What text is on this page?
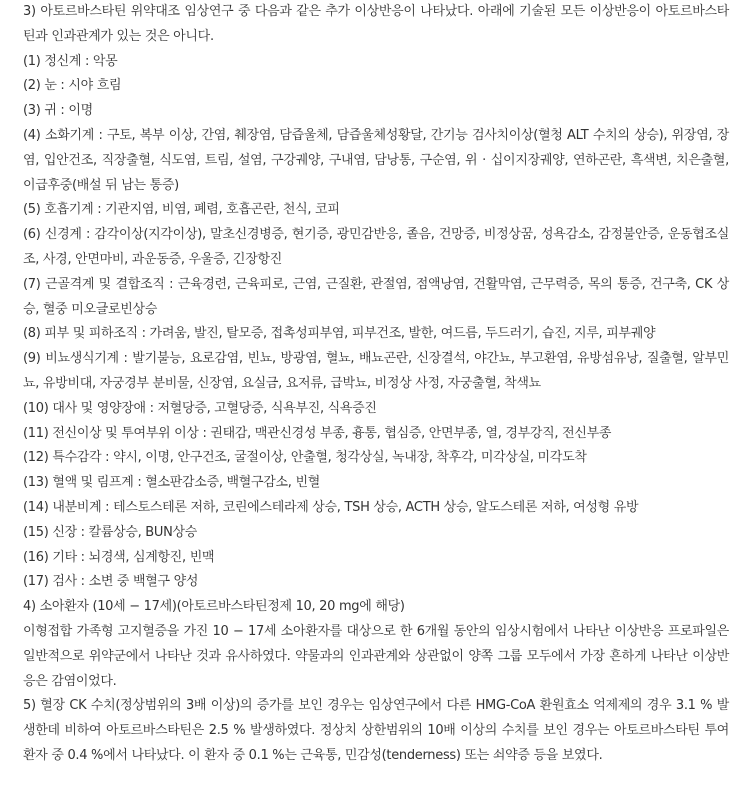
3) 아토르바스타틴 위약대조 임상연구 중 다음과 같은 추가 이상반응이 나타났다. 아래에 기술된 모든 이상반응이 아토르바스타틴과 인과관계가 있는 것은 아니다.

(1) 정신계 : 악몽

(2) 눈 : 시야 흐림

(3) 귀 : 이명

(4) 소화기계 : 구토, 복부 이상, 간염, 췌장염, 담즙울체, 담즙울체성황달, 간기능 검사치이상(혈청 ALT 수치의 상승), 위장염, 장염, 입안건조, 직장출혈, 식도염, 트림, 설염, 구강궤양, 구내염, 담낭통, 구순염, 위 · 십이지장궤양, 연하곤란, 흑색변, 치은출혈, 이급후중(배설 뒤 남는 통증)

(5) 호흡기계 : 기관지염, 비염, 폐렴, 호흡곤란, 천식, 코피

(6) 신경계 : 감각이상(지각이상), 말초신경병증, 현기증, 광민감반응, 졸음, 건망증, 비정상꿈, 성욕감소, 감정불안증, 운동협조실조, 사경, 안면마비, 과운동증, 우울증, 긴장항진

(7) 근골격계 및 결합조직 : 근육경련, 근육피로, 근염, 근질환, 관절염, 점액낭염, 건활막염, 근무력증, 목의 통증, 건구축, CK 상승, 혈중 미오글로빈상승

(8) 피부 및 피하조직 : 가려움, 발진, 탈모증, 접촉성피부염, 피부건조, 발한, 여드름, 두드러기, 습진, 지루, 피부궤양

(9) 비뇨생식기계 : 발기불능, 요로감염, 빈뇨, 방광염, 혈뇨, 배뇨곤란, 신장결석, 야간뇨, 부고환염, 유방섬유낭, 질출혈, 알부민뇨, 유방비대, 자궁경부 분비물, 신장염, 요실금, 요저류, 급박뇨, 비정상 사정, 자궁출혈, 착색뇨

(10) 대사 및 영양장애 : 저혈당증, 고혈당증, 식욕부진, 식욕증진

(11) 전신이상 및 투여부위 이상 : 권태감, 맥관신경성 부종, 흉통, 협심증, 안면부종, 열, 경부강직, 전신부종

(12) 특수감각 : 약시, 이명, 안구건조, 굴절이상, 안출혈, 청각상실, 녹내장, 착후각, 미각상실, 미각도착

(13) 혈액 및 림프계 : 혈소판감소증, 백혈구감소, 빈혈

(14) 내분비계 : 테스토스테론 저하, 코린에스테라제 상승, TSH 상승, ACTH 상승, 알도스테론 저하, 여성형 유방

(15) 신장 : 칼륨상승, BUN상승

(16) 기타 : 뇌경색, 심계항진, 빈맥

(17) 검사 : 소변 중 백혈구 양성

4) 소아환자 (10세 − 17세)(아토르바스타틴정제 10, 20 mg에 해당)

이형접합 가족형 고지혈증을 가진 10 − 17세 소아환자를 대상으로 한 6개월 동안의 임상시험에서 나타난 이상반응 프로파일은 일반적으로 위약군에서 나타난 것과 유사하였다. 약물과의 인과관계와 상관없이 양쪽 그룹 모두에서 가장 흔하게 나타난 이상반응은 감염이었다.

5) 혈장 CK 수치(정상범위의 3배 이상)의 증가를 보인 경우는 임상연구에서 다른 HMG-CoA 환원효소 억제제의 경우 3.1 % 발생한데 비하여 아토르바스타틴은 2.5 % 발생하였다. 정상치 상한범위의 10배 이상의 수치를 보인 경우는 아토르바스타틴 투여 환자 중 0.4 %에서 나타났다. 이 환자 중 0.1 %는 근육통, 민감성(tenderness) 또는 쇠약증 등을 보였다.
